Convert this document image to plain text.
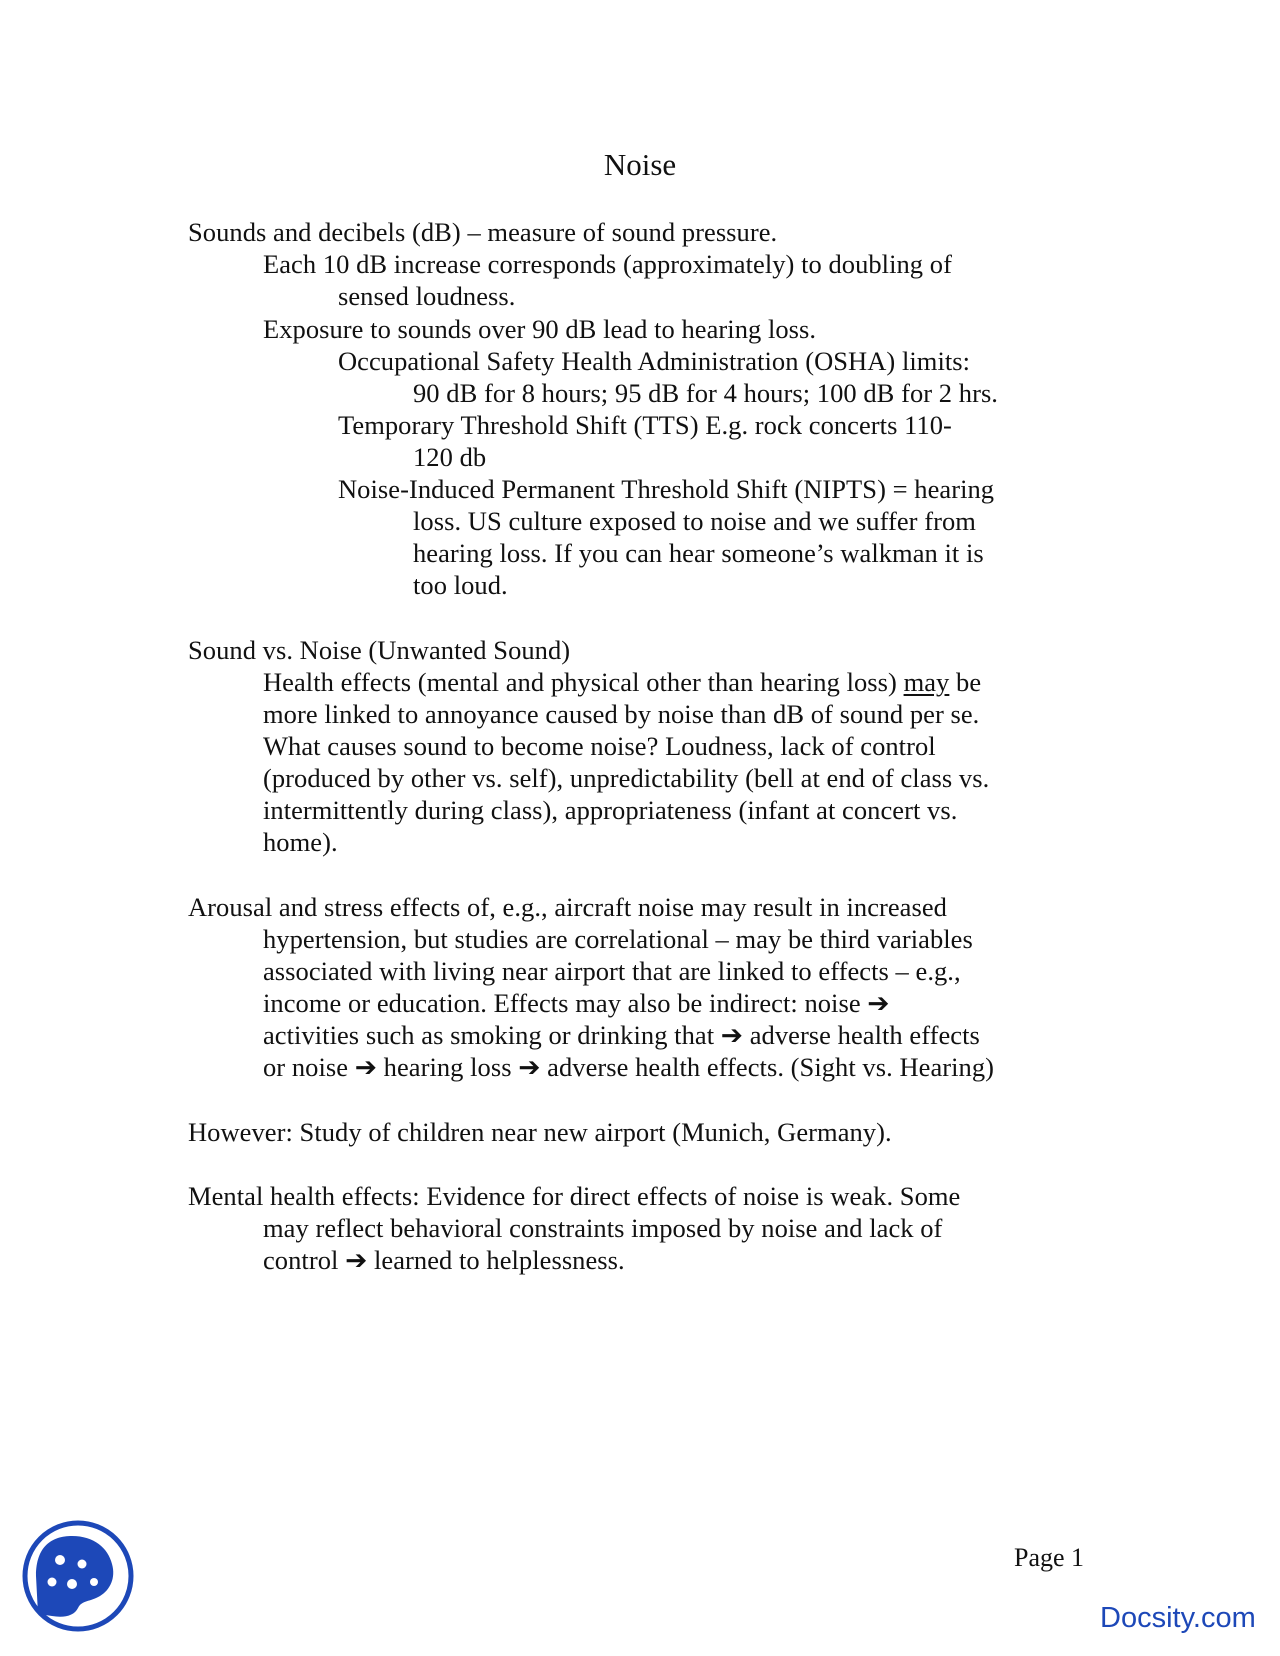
Noise
Sounds and decibels (dB) – measure of sound pressure.
Each 10 dB increase corresponds (approximately) to doubling of
sensed loudness.
Exposure to sounds over 90 dB lead to hearing loss.
Occupational Safety Health Administration (OSHA) limits:
90 dB for 8 hours; 95 dB for 4 hours; 100 dB for 2 hrs.
Temporary Threshold Shift (TTS) E.g. rock concerts 110-
120 db
Noise-Induced Permanent Threshold Shift (NIPTS) = hearing
loss. US culture exposed to noise and we suffer from
hearing loss. If you can hear someone’s walkman it is
too loud.
Sound vs. Noise (Unwanted Sound)
Health effects (mental and physical other than hearing loss) may be
more linked to annoyance caused by noise than dB of sound per se.
What causes sound to become noise? Loudness, lack of control
(produced by other vs. self), unpredictability (bell at end of class vs.
intermittently during class), appropriateness (infant at concert vs.
home).
Arousal and stress effects of, e.g., aircraft noise may result in increased
hypertension, but studies are correlational – may be third variables
associated with living near airport that are linked to effects – e.g.,
income or education. Effects may also be indirect: noise ➔
activities such as smoking or drinking that ➔ adverse health effects
or noise ➔ hearing loss ➔ adverse health effects. (Sight vs. Hearing)
However: Study of children near new airport (Munich, Germany).
Mental health effects: Evidence for direct effects of noise is weak. Some
may reflect behavioral constraints imposed by noise and lack of
control ➔ learned to helplessness.
Page 1
Docsity.com
